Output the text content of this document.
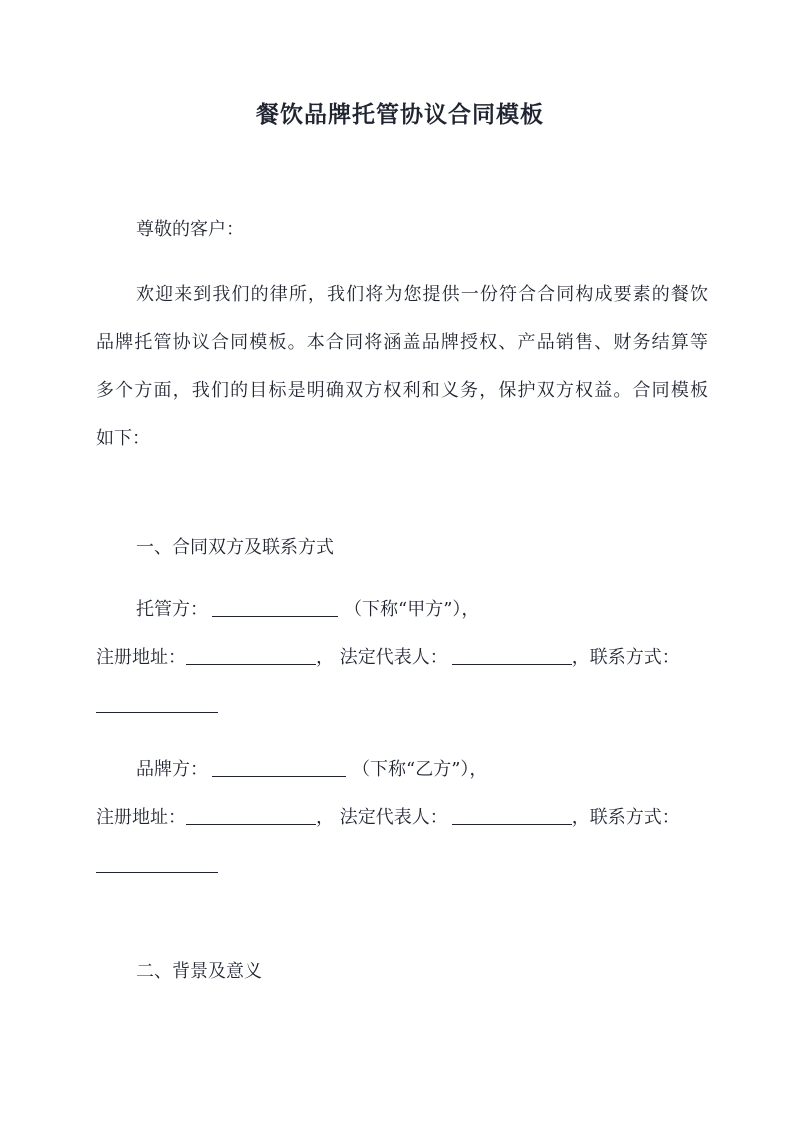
餐饮品牌托管协议合同模板
尊敬的客户：
欢迎来到我们的律所，我们将为您提供一份符合合同构成要素的餐饮
品牌托管协议合同模板。本合同将涵盖品牌授权、产品销售、财务结算等
多个方面，我们的目标是明确双方权利和义务，保护双方权益。合同模板
如下：
一、合同双方及联系方式
托管方：	（下称“甲方”），
注册地址：	， 法定代表人：	，联系方式：
品牌方：	（下称“乙方”），
注册地址：	， 法定代表人：	，联系方式：
二、背景及意义
